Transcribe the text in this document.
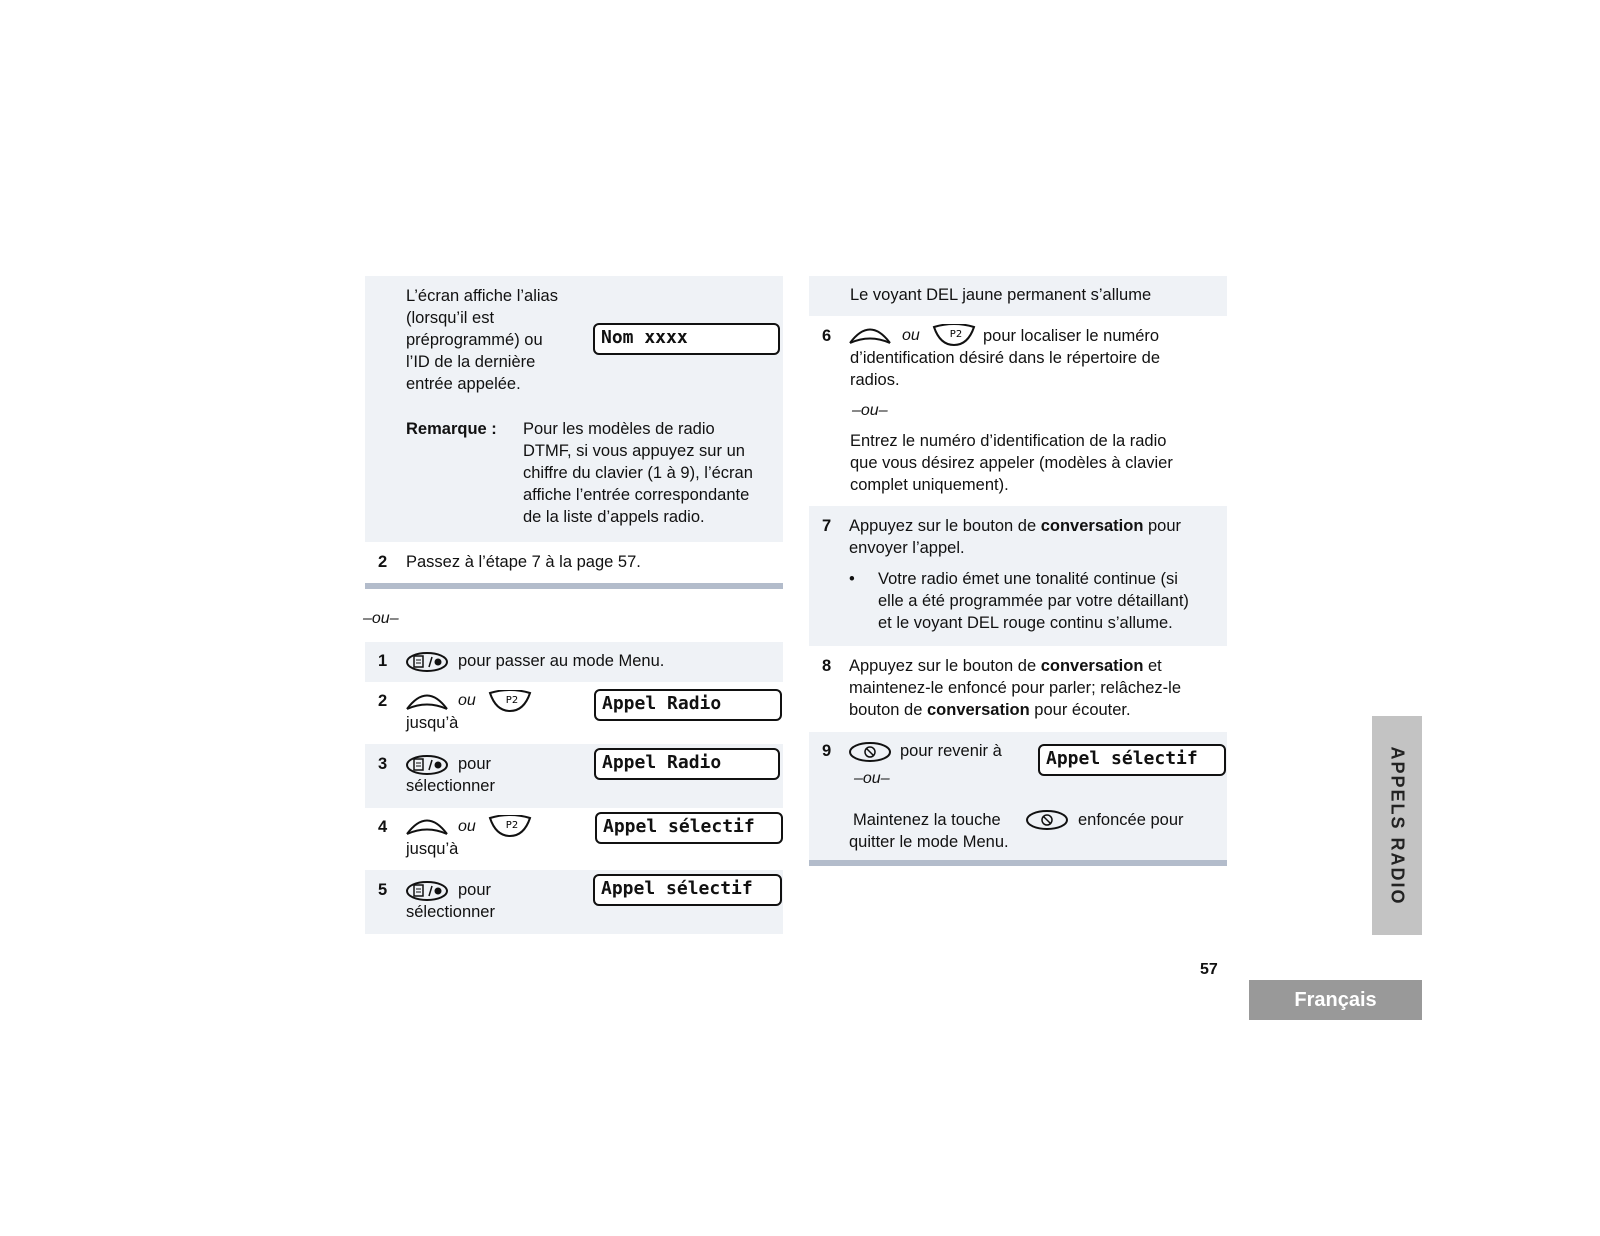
L’écran affiche l’alias
(lorsqu’il est
préprogrammé) ou
l’ID de la dernière
entrée appelée.
Nom xxxx
Remarque : Pour les modèles de radio
DTMF, si vous appuyez sur un
chiffre du clavier (1 à 9), l’écran
affiche l’entrée correspondante
de la liste d’appels radio.
2 Passez à l’étape 7 à la page 57.
–ou–
1	pour passer au mode Menu.
2	ou	P2
jusqu’à
Appel Radio
3	pour
sélectionner
Appel Radio
4	ou	P2
jusqu’à
Appel sélectif
5	pour
sélectionner
Appel sélectif
Le voyant DEL jaune permanent s’allume
6	ou	P2 pour localiser le numéro
d’identification désiré dans le répertoire de
radios.
–ou–
Entrez le numéro d’identification de la radio
que vous désirez appeler (modèles à clavier
complet uniquement).
7 Appuyez sur le bouton de conversation pour
envoyer l’appel.
• Votre radio émet une tonalité continue (si
elle a été programmée par votre détaillant)
et le voyant DEL rouge continu s’allume.
8 Appuyez sur le bouton de conversation et
maintenez-le enfoncé pour parler; relâchez-le
bouton de conversation pour écouter.
9	pour revenir à
–ou–
Appel sélectif
Maintenez la touche	enfoncée pour
quitter le mode Menu.	APPELS RADIO
57
Français
